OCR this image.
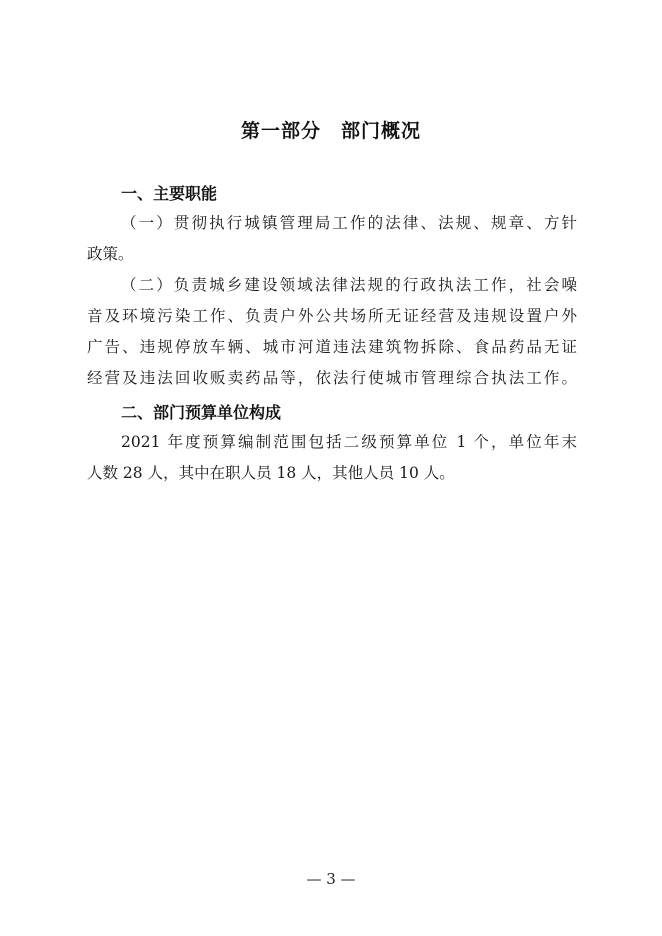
第一部分　部门概况
一、主要职能
（一）贯彻执行城镇管理局工作的法律、法规、规章、方针
政策。
（二）负责城乡建设领域法律法规的行政执法工作，社会噪
音及环境污染工作、负责户外公共场所无证经营及违规设置户外
广告、违规停放车辆、城市河道违法建筑物拆除、食品药品无证
经营及违法回收贩卖药品等，依法行使城市管理综合执法工作。
二、部门预算单位构成
2021 年度预算编制范围包括二级预算单位 1 个，单位年末
人数 28 人，其中在职人员 18 人，其他人员 10 人。
— 3 —
